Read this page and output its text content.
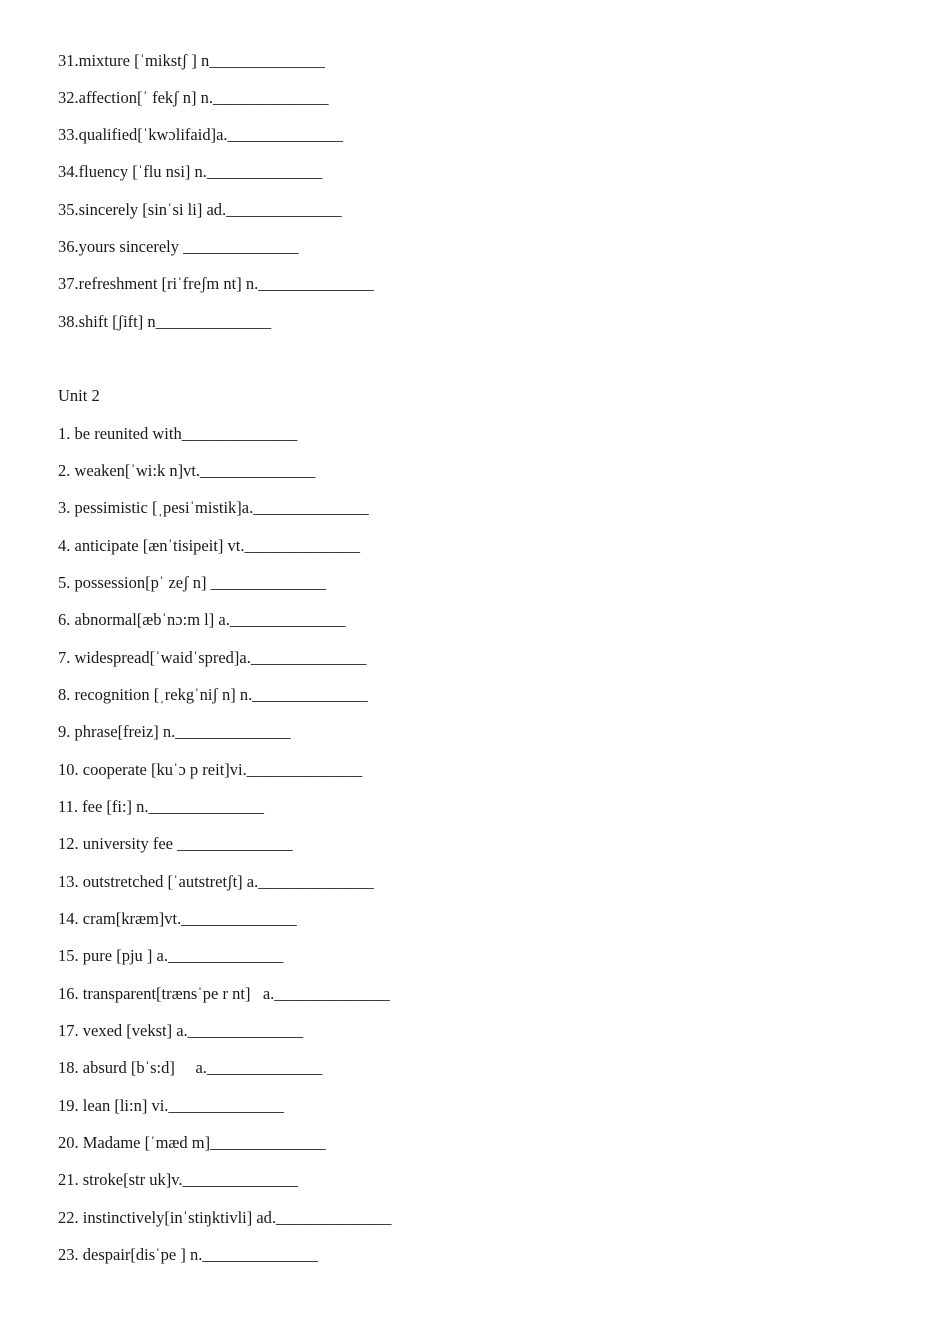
31.mixture [ˈmikstʃ ] n______________
32.affection[ˈ fekʃ n] n.______________
33.qualified[ˈkwɔlifaid]a.______________
34.fluency [ˈflu nsi] n.______________
35.sincerely [sinˈsi li] ad.______________
36.yours sincerely ______________
37.refreshment [riˈfreʃm nt] n.______________
38.shift [ʃift] n______________
Unit 2
1. be reunited with______________
2. weaken[ˈwi:k n]vt.______________
3. pessimistic [ˌpesiˈmistik]a.______________
4. anticipate [ænˈtisipeit] vt.______________
5. possession[pˈ zeʃ n] ______________
6. abnormal[æbˈnɔ:m l] a.______________
7. widespread[ˈwaidˈspred]a.______________
8. recognition [ˌrekgˈniʃ n] n.______________
9. phrase[freiz] n.______________
10. cooperate [kuˈɔ p reit]vi.______________
11. fee [fi:] n.______________
12. university fee ______________
13. outstretched [ˈautstretʃt] a.______________
14. cram[kræm]vt.______________
15. pure [pju ] a.______________
16. transparent[trænsˈpe r nt]   a.______________
17. vexed [vekst] a.______________
18. absurd [bˈs:d]     a.______________
19. lean [li:n] vi.______________
20. Madame [ˈmæd m]______________
21. stroke[str uk]v.______________
22. instinctively[inˈstiŋktivli] ad.______________
23. despair[disˈpe ] n.______________
